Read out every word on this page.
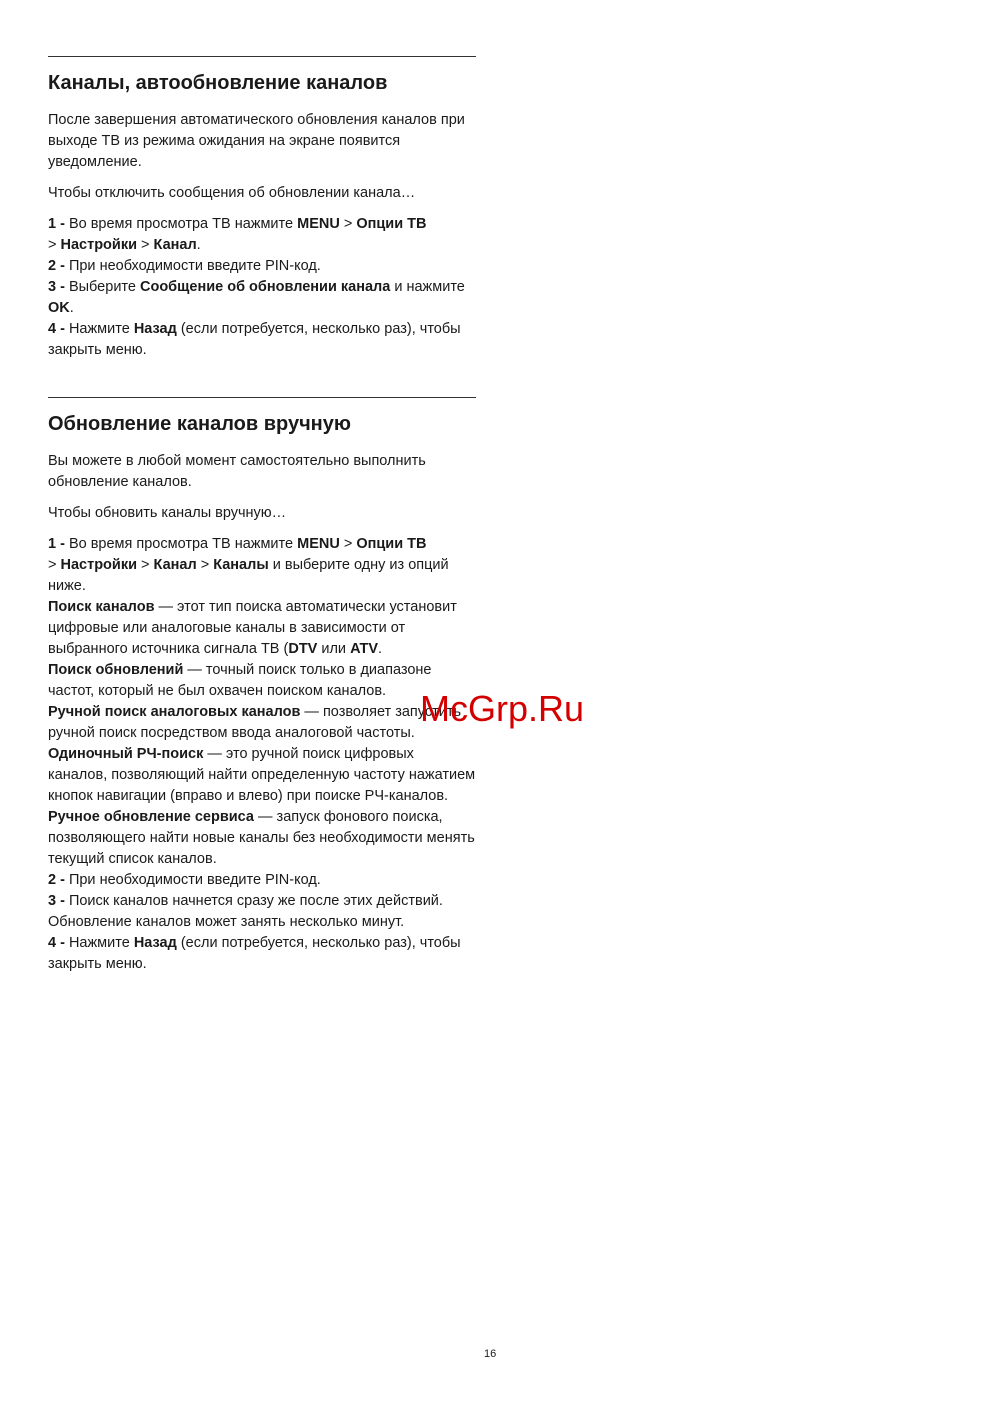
Каналы, автообновление каналов

После завершения автоматического обновления каналов при выходе ТВ из режима ожидания на экране появится уведомление.

Чтобы отключить сообщения об обновлении канала…

1 - Во время просмотра ТВ нажмите MENU > Опции ТВ
> Настройки > Канал.

2 - При необходимости введите PIN-код.

3 - Выберите Сообщение об обновлении канала и нажмите OK.

4 - Нажмите Назад (если потребуется, несколько раз), чтобы закрыть меню.

Обновление каналов вручную

Вы можете в любой момент самостоятельно выполнить обновление каналов.

Чтобы обновить каналы вручную…

1 - Во время просмотра ТВ нажмите MENU > Опции ТВ
> Настройки > Канал > Каналы и выберите одну из опций ниже.

Поиск каналов — этот тип поиска автоматически установит цифровые или аналоговые каналы в зависимости от выбранного источника сигнала ТВ (DTV или ATV.

Поиск обновлений — точный поиск только в диапазоне частот, который не был охвачен поиском каналов.

Ручной поиск аналоговых каналов — позволяет запустить ручной поиск посредством ввода аналоговой частоты.

Одиночный РЧ-поиск — это ручной поиск цифровых каналов, позволяющий найти определенную частоту нажатием кнопок навигации (вправо и влево) при поиске РЧ-каналов.

Ручное обновление сервиса — запуск фонового поиска, позволяющего найти новые каналы без необходимости менять текущий список каналов.

2 - При необходимости введите PIN-код.

3 - Поиск каналов начнется сразу же после этих действий. Обновление каналов может занять несколько минут.

4 - Нажмите Назад (если потребуется, несколько раз), чтобы закрыть меню.

McGrp.Ru
16
